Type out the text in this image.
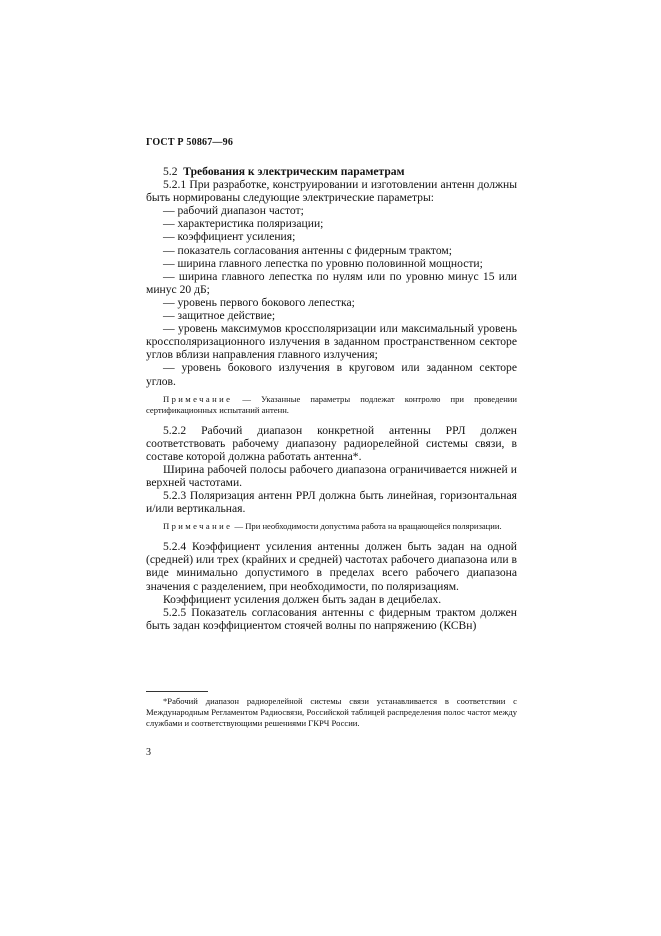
ГОСТ Р 50867—96

5.2 Требования к электрическим параметрам

5.2.1 При разработке, конструировании и изготовлении антенн должны быть нормированы следующие электрические параметры:

— рабочий диапазон частот;

— характеристика поляризации;

— коэффициент усиления;

— показатель согласования антенны с фидерным трактом;

— ширина главного лепестка по уровню половинной мощности;

— ширина главного лепестка по нулям или по уровню минус 15 или минус 20 дБ;

— уровень первого бокового лепестка;

— защитное действие;

— уровень максимумов кроссполяризации или максимальный уровень кроссполяризационного излучения в заданном пространственном секторе углов вблизи направления главного излучения;

— уровень бокового излучения в круговом или заданном секторе углов.

Примечание — Указанные параметры подлежат контролю при проведении сертификационных испытаний антенн.

5.2.2 Рабочий диапазон конкретной антенны РРЛ должен соответствовать рабочему диапазону радиорелейной системы связи, в составе которой должна работать антенна*.

Ширина рабочей полосы рабочего диапазона ограничивается нижней и верхней частотами.

5.2.3 Поляризация антенн РРЛ должна быть линейная, горизонтальная и/или вертикальная.

Примечание — При необходимости допустима работа на вращающейся поляризации.

5.2.4 Коэффициент усиления антенны должен быть задан на одной (средней) или трех (крайних и средней) частотах рабочего диапазона или в виде минимально допустимого в пределах всего рабочего диапазона значения с разделением, при необходимости, по поляризациям.

Коэффициент усиления должен быть задан в децибелах.

5.2.5 Показатель согласования антенны с фидерным трактом должен быть задан коэффициентом стоячей волны по напряжению (КСВн)

*Рабочий диапазон радиорелейной системы связи устанавливается в соответствии с Международным Регламентом Радиосвязи, Российской таблицей распределения полос частот между службами и соответствующими решениями ГКРЧ России.

3
